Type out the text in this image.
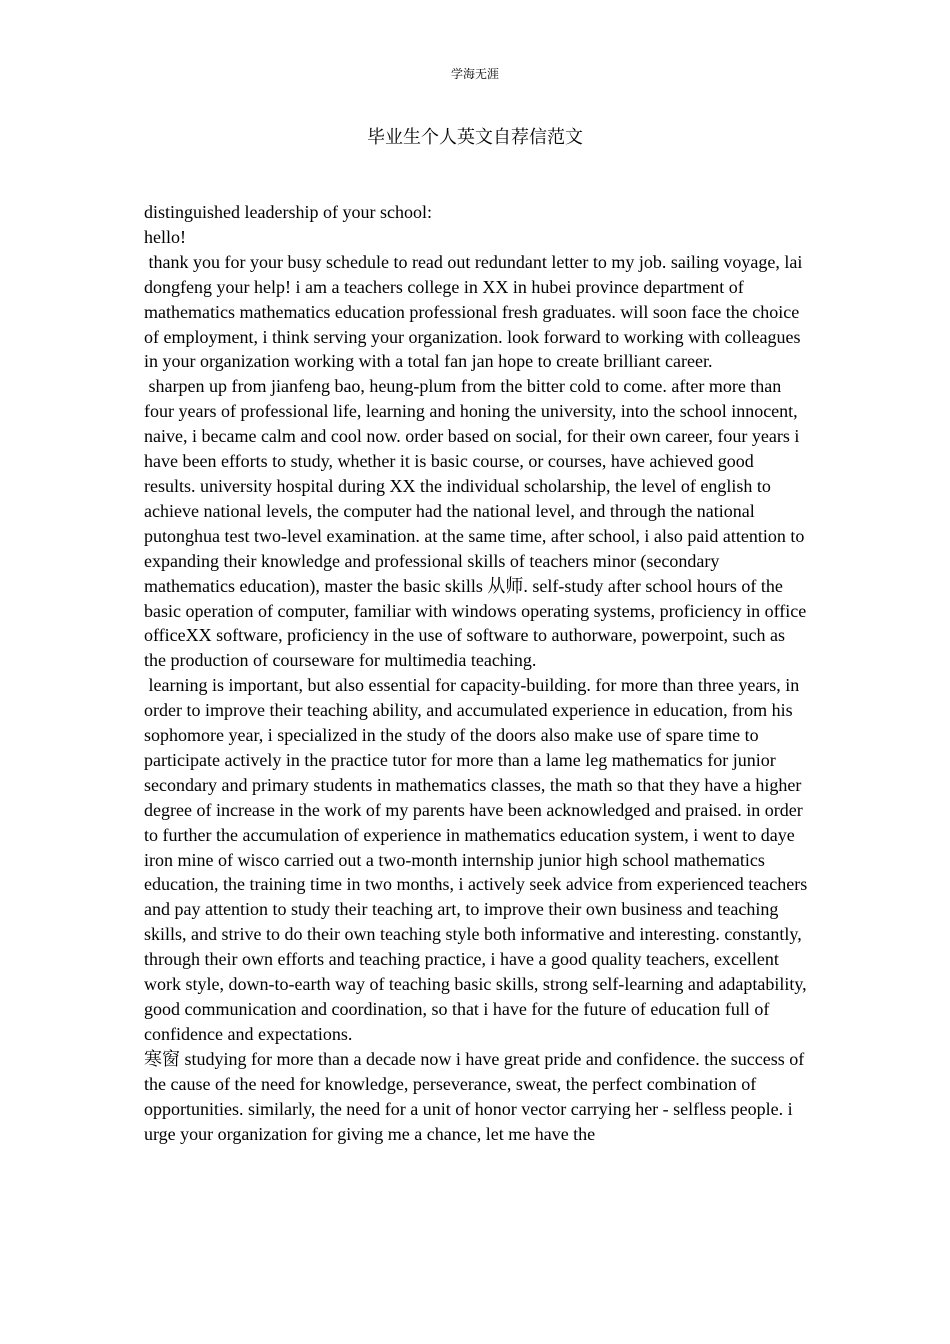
学海无涯
毕业生个人英文自荐信范文

distinguished leadership of your school:

hello!

thank you for your busy schedule to read out redundant letter to my job. sailing voyage, lai dongfeng your help! i am a teachers college in XX in hubei province department of mathematics mathematics education professional fresh graduates. will soon face the choice of employment, i think serving your organization. look forward to working with colleagues in your organization working with a total fan jan hope to create brilliant career.

sharpen up from jianfeng bao, heung-plum from the bitter cold to come. after more than four years of professional life, learning and honing the university, into the school innocent, naive, i became calm and cool now. order based on social, for their own career, four years i have been efforts to study, whether it is basic course, or courses, have achieved good results. university hospital during XX the individual scholarship, the level of english to achieve national levels, the computer had the national level, and through the national putonghua test two-level examination. at the same time, after school, i also paid attention to expanding their knowledge and professional skills of teachers minor (secondary mathematics education), master the basic skills 从师. self-study after school hours of the basic operation of computer, familiar with windows operating systems, proficiency in office officeXX software, proficiency in the use of software to authorware, powerpoint, such as the production of courseware for multimedia teaching.

learning is important, but also essential for capacity-building. for more than three years, in order to improve their teaching ability, and accumulated experience in education, from his sophomore year, i specialized in the study of the doors also make use of spare time to participate actively in the practice tutor for more than a lame leg mathematics for junior secondary and primary students in mathematics classes, the math so that they have a higher degree of increase in the work of my parents have been acknowledged and praised. in order to further the accumulation of experience in mathematics education system, i went to daye iron mine of wisco carried out a two-month internship junior high school mathematics education, the training time in two months, i actively seek advice from experienced teachers and pay attention to study their teaching art, to improve their own business and teaching skills, and strive to do their own teaching style both informative and interesting. constantly, through their own efforts and teaching practice, i have a good quality teachers, excellent work style, down-to-earth way of teaching basic skills, strong self-learning and adaptability, good communication and coordination, so that i have for the future of education full of confidence and expectations.

寒窗 studying for more than a decade now i have great pride and confidence. the success of the cause of the need for knowledge, perseverance, sweat, the perfect combination of opportunities. similarly, the need for a unit of honor vector carrying her - selfless people. i urge your organization for giving me a chance, let me have the
